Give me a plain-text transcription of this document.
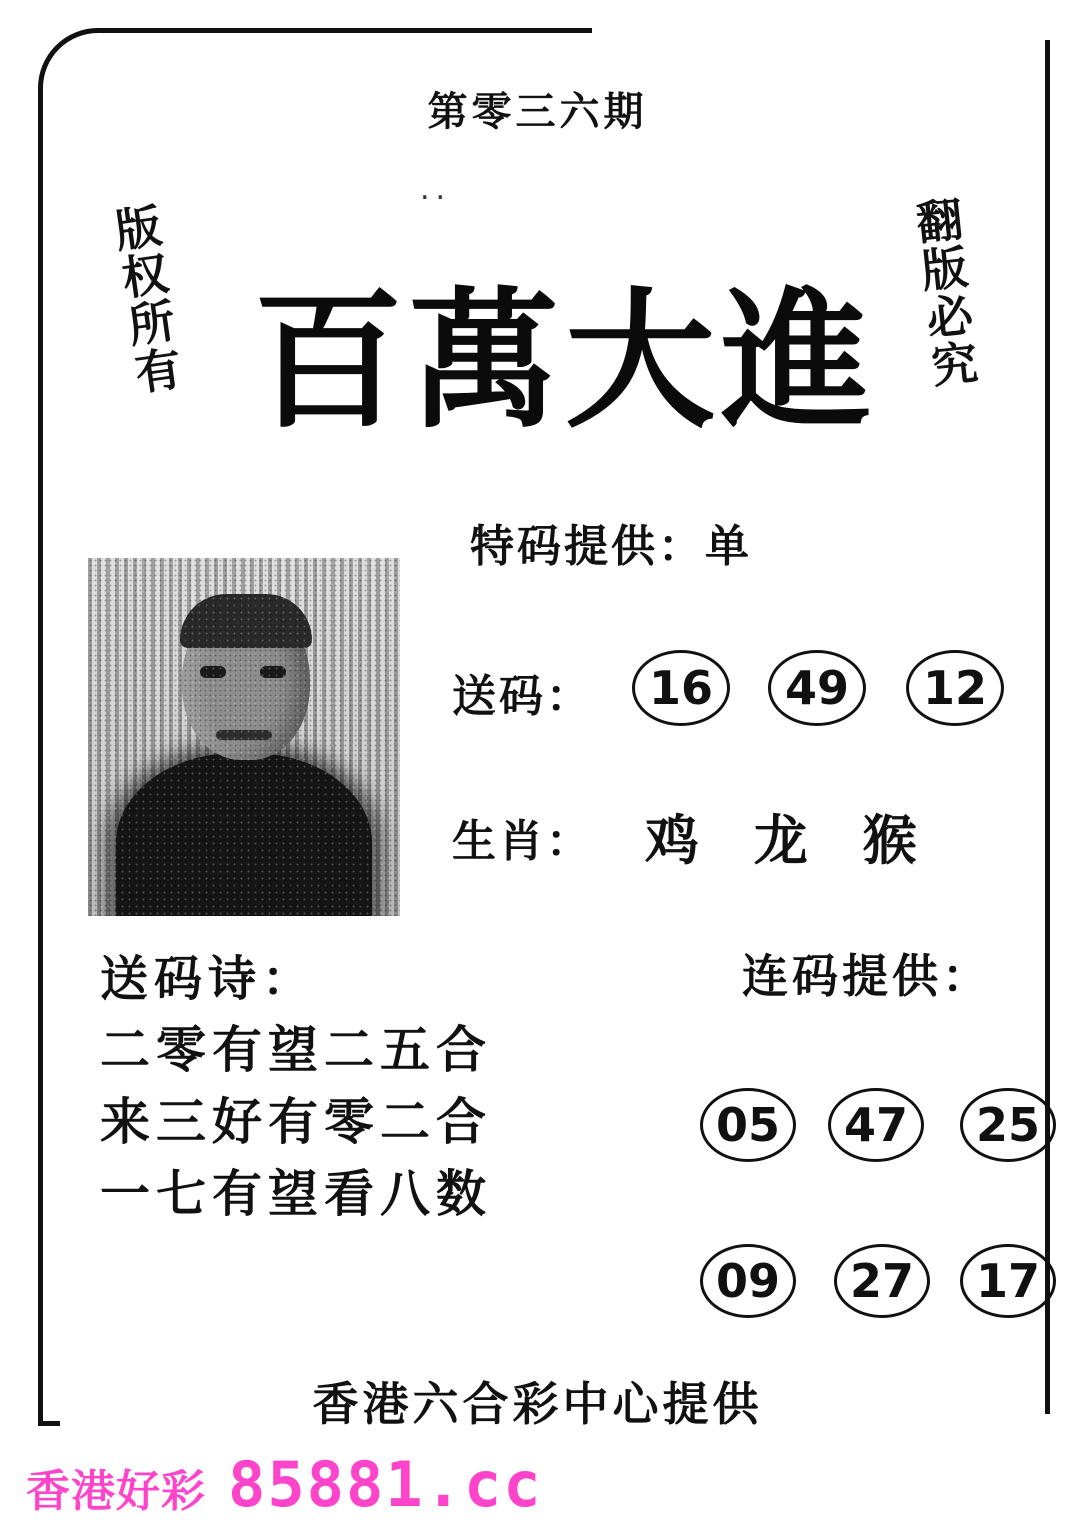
第零三六期
..
版权所有	翻版必究
百萬大進
特码提供：单
送码：	16	49	12
生肖： 鸡 龙 猴
送码诗：
二零有望二五合
来三好有零二合
一七有望看八数
连码提供：
05	47	25
09	27	17
香港六合彩中心提供
香港好彩 85881.cc
